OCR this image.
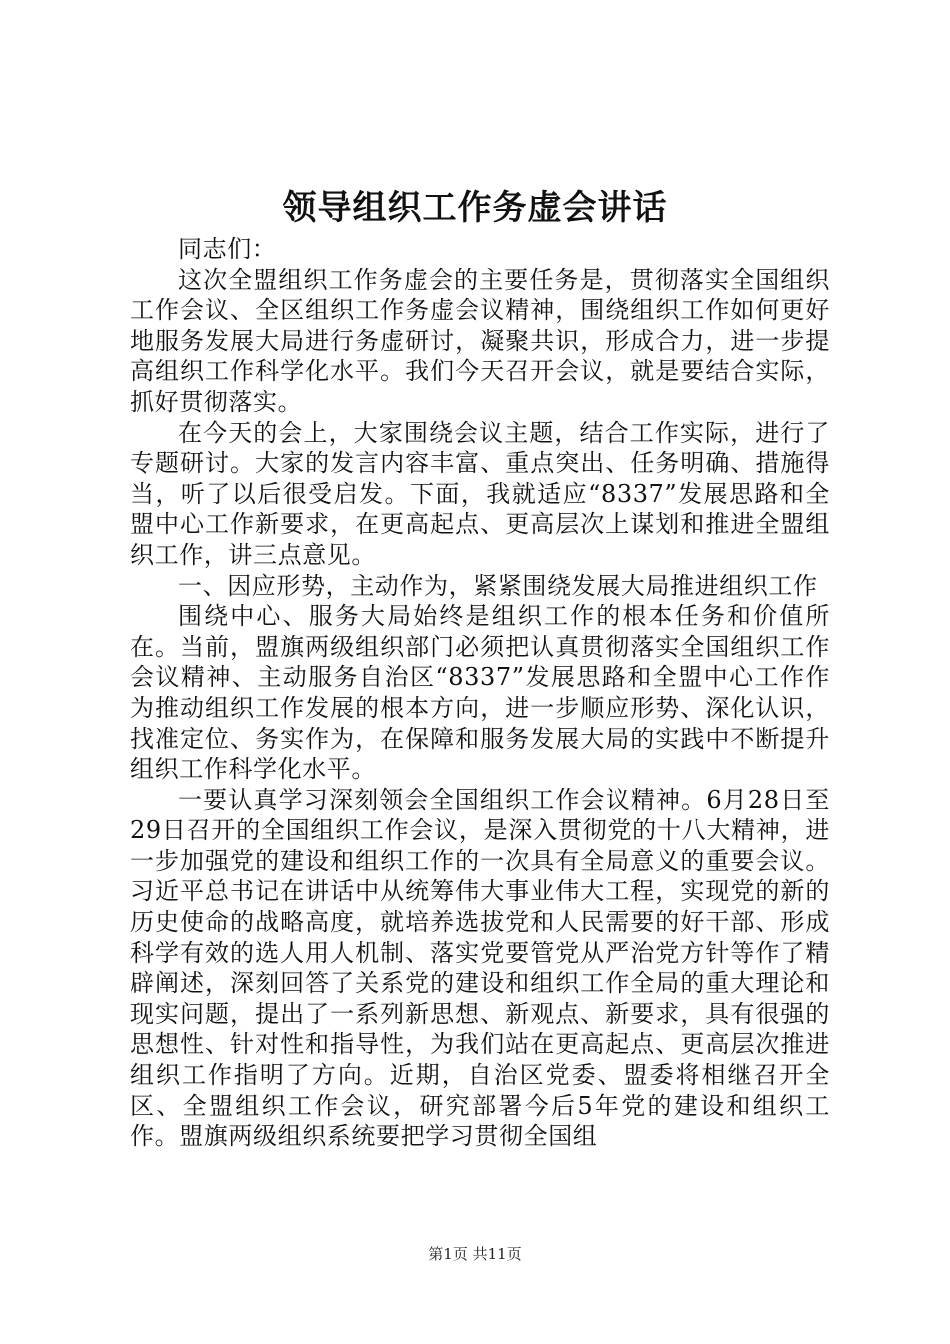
领导组织工作务虚会讲话

同志们：

这次全盟组织工作务虚会的主要任务是，贯彻落实全国组织工作会议、全区组织工作务虚会议精神，围绕组织工作如何更好地服务发展大局进行务虚研讨，凝聚共识，形成合力，进一步提高组织工作科学化水平。我们今天召开会议，就是要结合实际，抓好贯彻落实。

在今天的会上，大家围绕会议主题，结合工作实际，进行了专题研讨。大家的发言内容丰富、重点突出、任务明确、措施得当，听了以后很受启发。下面，我就适应“8337”发展思路和全盟中心工作新要求，在更高起点、更高层次上谋划和推进全盟组织工作，讲三点意见。

一、因应形势，主动作为，紧紧围绕发展大局推进组织工作

围绕中心、服务大局始终是组织工作的根本任务和价值所在。当前，盟旗两级组织部门必须把认真贯彻落实全国组织工作会议精神、主动服务自治区“8337”发展思路和全盟中心工作作为推动组织工作发展的根本方向，进一步顺应形势、深化认识，找准定位、务实作为，在保障和服务发展大局的实践中不断提升组织工作科学化水平。

一要认真学习深刻领会全国组织工作会议精神。6月28日至29日召开的全国组织工作会议，是深入贯彻党的十八大精神，进一步加强党的建设和组织工作的一次具有全局意义的重要会议。习近平总书记在讲话中从统筹伟大事业伟大工程，实现党的新的历史使命的战略高度，就培养选拔党和人民需要的好干部、形成科学有效的选人用人机制、落实党要管党从严治党方针等作了精辟阐述，深刻回答了关系党的建设和组织工作全局的重大理论和现实问题，提出了一系列新思想、新观点、新要求，具有很强的思想性、针对性和指导性，为我们站在更高起点、更高层次推进组织工作指明了方向。近期，自治区党委、盟委将相继召开全区、全盟组织工作会议，研究部署今后5年党的建设和组织工作。盟旗两级组织系统要把学习贯彻全国组

第1页 共11页
